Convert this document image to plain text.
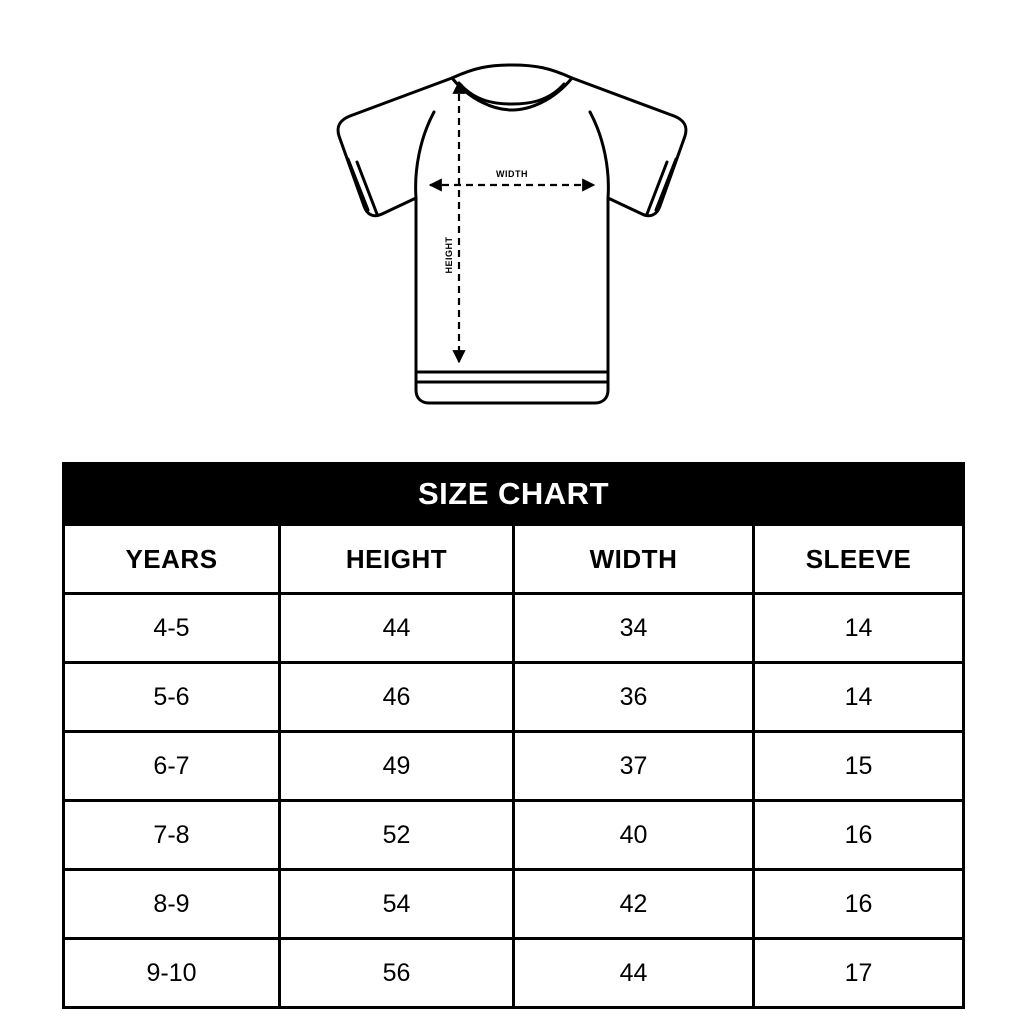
WIDTH
HEIGHT
SIZE CHART			
YEARS	HEIGHT	WIDTH	SLEEVE
4-5	44	34	14
5-6	46	36	14
6-7	49	37	15
7-8	52	40	16
8-9	54	42	16
9-10	56	44	17
